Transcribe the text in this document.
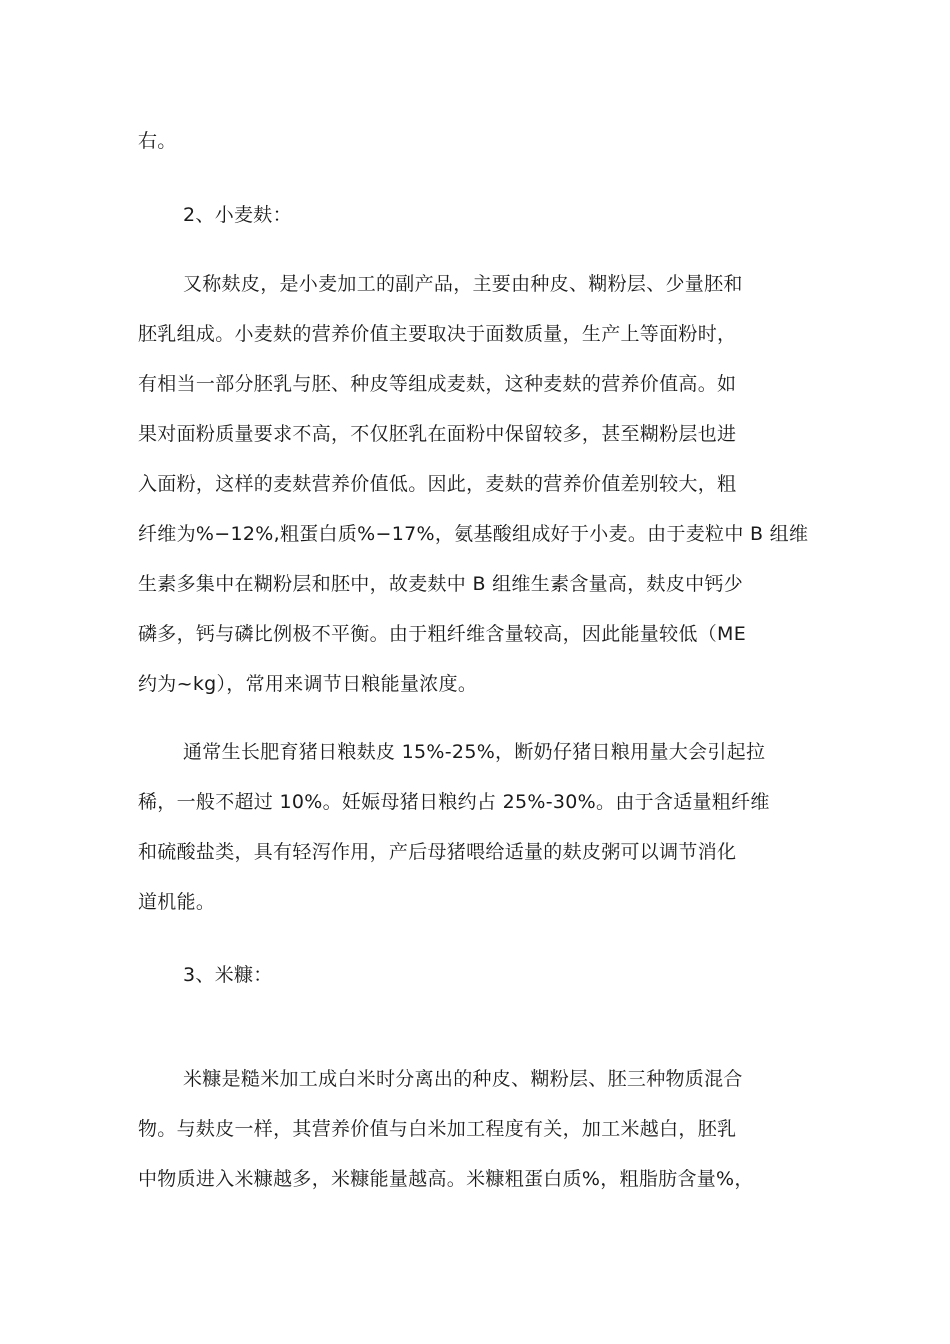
右。
2、小麦麸：
又称麸皮，是小麦加工的副产品，主要由种皮、糊粉层、少量胚和
胚乳组成。小麦麸的营养价值主要取决于面数质量，生产上等面粉时，
有相当一部分胚乳与胚、种皮等组成麦麸，这种麦麸的营养价值高。如
果对面粉质量要求不高，不仅胚乳在面粉中保留较多，甚至糊粉层也进
入面粉，这样的麦麸营养价值低。因此，麦麸的营养价值差别较大，粗
纤维为%−12%,粗蛋白质%−17%，氨基酸组成好于小麦。由于麦粒中 B 组维
生素多集中在糊粉层和胚中，故麦麸中 B 组维生素含量高，麸皮中钙少
磷多，钙与磷比例极不平衡。由于粗纤维含量较高，因此能量较低（ME
约为~kg），常用来调节日粮能量浓度。
通常生长肥育猪日粮麸皮 15%-25%，断奶仔猪日粮用量大会引起拉
稀，一般不超过 10%。妊娠母猪日粮约占 25%-30%。由于含适量粗纤维
和硫酸盐类，具有轻泻作用，产后母猪喂给适量的麸皮粥可以调节消化
道机能。
3、米糠：
米糠是糙米加工成白米时分离出的种皮、糊粉层、胚三种物质混合
物。与麸皮一样，其营养价值与白米加工程度有关，加工米越白，胚乳
中物质进入米糠越多，米糠能量越高。米糠粗蛋白质%，粗脂肪含量%，
